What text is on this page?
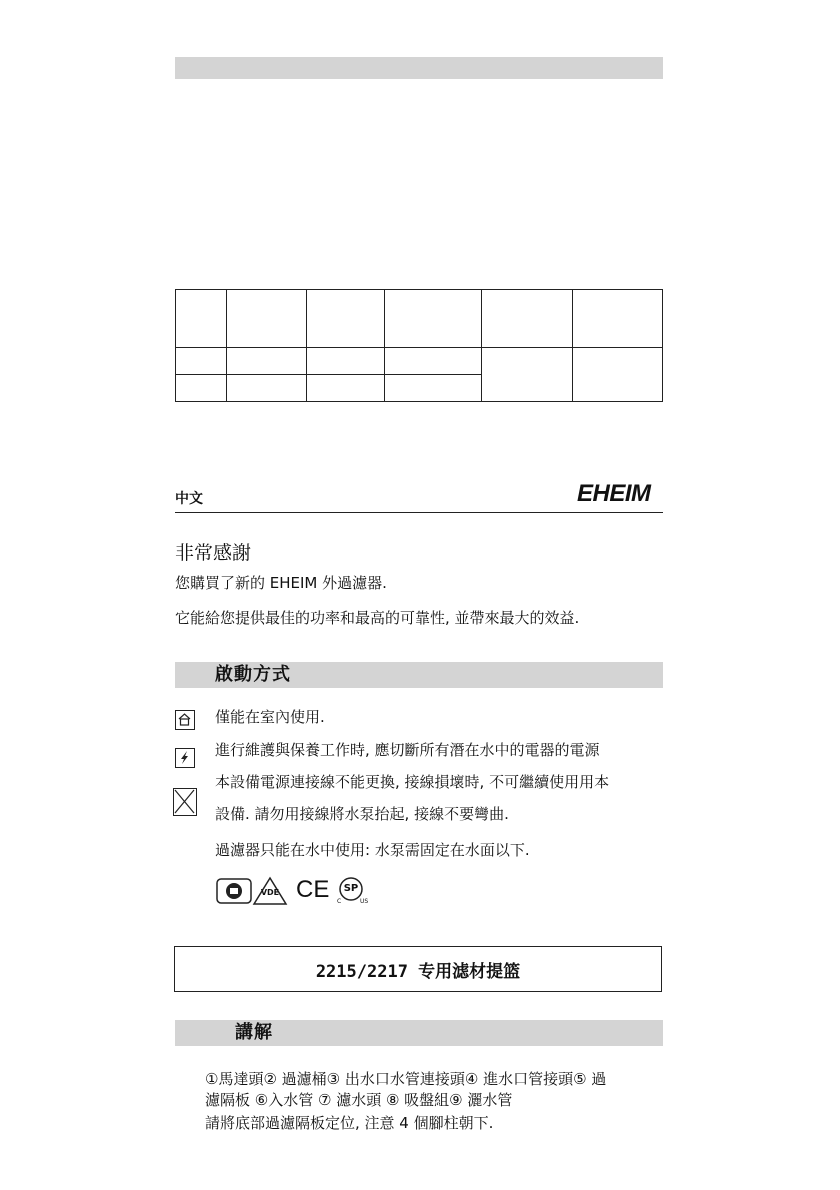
中文	EHEIM
非常感謝
您購買了新的 EHEIM 外過濾器.
它能給您提供最佳的功率和最高的可靠性, 並帶來最大的效益.
啟動方式
僅能在室內使用.
進行維護與保養工作時, 應切斷所有潛在水中的電器的電源
本設備電源連接線不能更換, 接線損壞時, 不可繼續使用用本
設備. 請勿用接線將水泵抬起, 接線不要彎曲.
過濾器只能在水中使用: 水泵需固定在水面以下.
VDE CE	SP
C	US
2215/2217 专用滤材提篮
講解
①馬達頭② 過濾桶③ 出水口水管連接頭④ 進水口管接頭⑤ 過
濾隔板 ⑥入水管 ⑦ 濾水頭 ⑧ 吸盤組⑨ 灑水管
請將底部過濾隔板定位, 注意 4 個腳柱朝下.
